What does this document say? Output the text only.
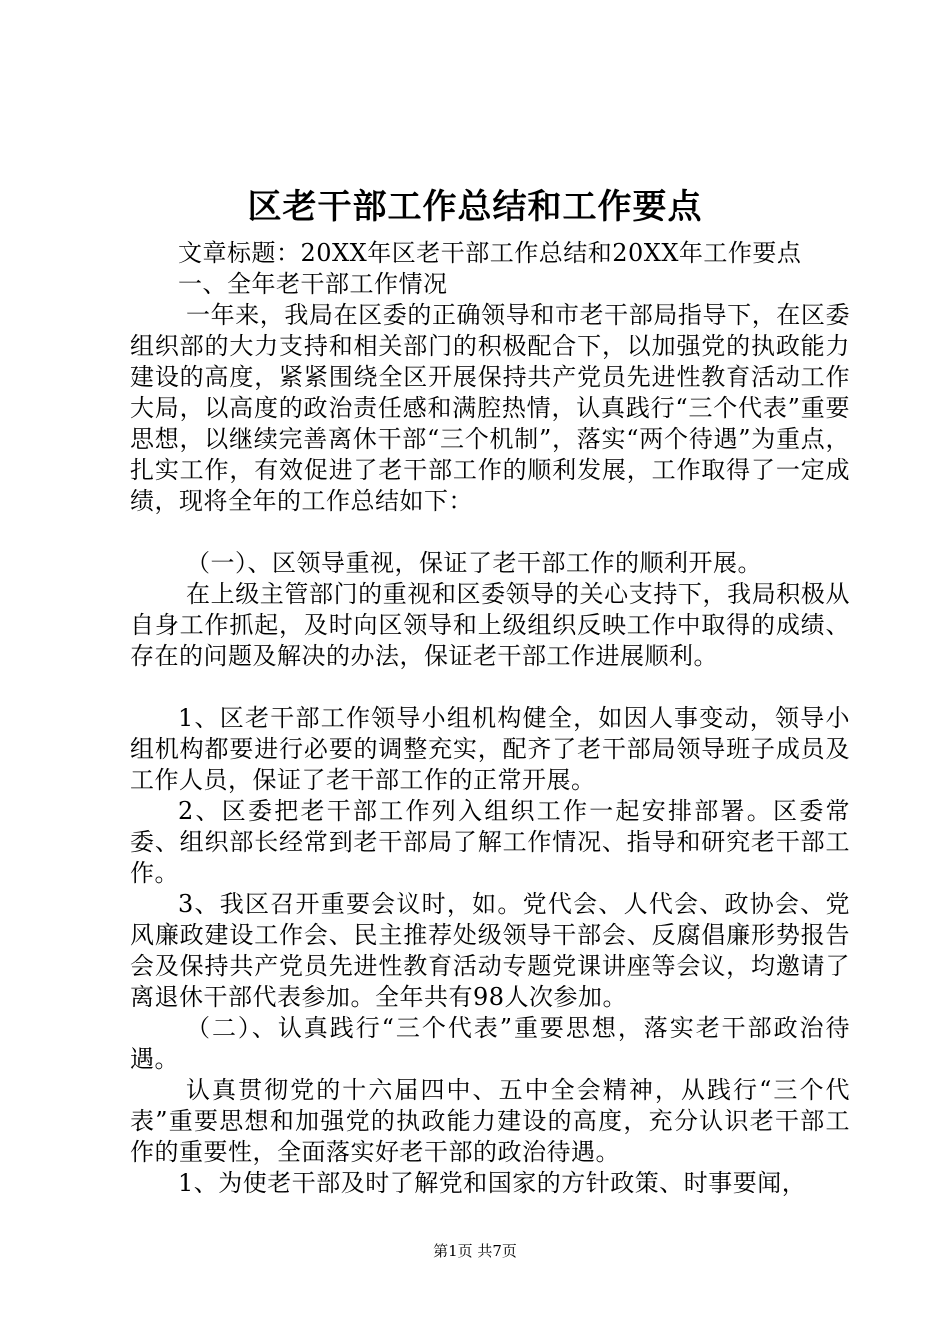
区老干部工作总结和工作要点

文章标题：20XX年区老干部工作总结和20XX年工作要点

一、全年老干部工作情况

一年来，我局在区委的正确领导和市老干部局指导下，在区委组织部的大力支持和相关部门的积极配合下，以加强党的执政能力建设的高度，紧紧围绕全区开展保持共产党员先进性教育活动工作大局，以高度的政治责任感和满腔热情，认真践行“三个代表”重要思想，以继续完善离休干部“三个机制”，落实“两个待遇”为重点，扎实工作，有效促进了老干部工作的顺利发展，工作取得了一定成绩，现将全年的工作总结如下：

（一）、区领导重视，保证了老干部工作的顺利开展。

在上级主管部门的重视和区委领导的关心支持下，我局积极从自身工作抓起，及时向区领导和上级组织反映工作中取得的成绩、存在的问题及解决的办法，保证老干部工作进展顺利。

1、区老干部工作领导小组机构健全，如因人事变动，领导小组机构都要进行必要的调整充实，配齐了老干部局领导班子成员及工作人员，保证了老干部工作的正常开展。

2、区委把老干部工作列入组织工作一起安排部署。区委常委、组织部长经常到老干部局了解工作情况、指导和研究老干部工作。

3、我区召开重要会议时，如。党代会、人代会、政协会、党风廉政建设工作会、民主推荐处级领导干部会、反腐倡廉形势报告会及保持共产党员先进性教育活动专题党课讲座等会议，均邀请了离退休干部代表参加。全年共有98人次参加。

（二）、认真践行“三个代表”重要思想，落实老干部政治待遇。

认真贯彻党的十六届四中、五中全会精神，从践行“三个代表”重要思想和加强党的执政能力建设的高度，充分认识老干部工作的重要性，全面落实好老干部的政治待遇。

1、为使老干部及时了解党和国家的方针政策、时事要闻，

第1页 共7页
